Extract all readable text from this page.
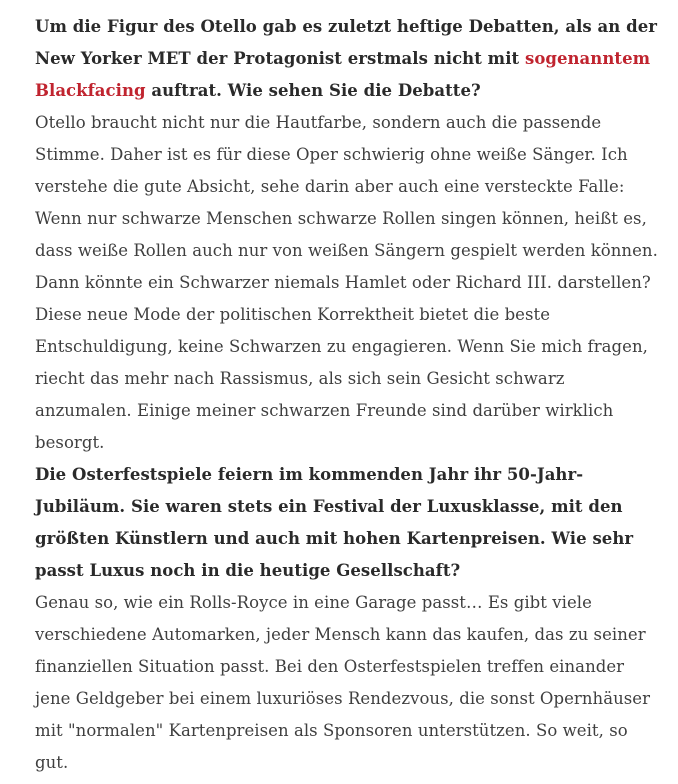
Um die Figur des Otello gab es zuletzt heftige Debatten, als an der New Yorker MET der Protagonist erstmals nicht mit sogenanntem Blackfacing auftrat. Wie sehen Sie die Debatte?

Otello braucht nicht nur die Hautfarbe, sondern auch die passende Stimme. Daher ist es für diese Oper schwierig ohne weiße Sänger. Ich verstehe die gute Absicht, sehe darin aber auch eine versteckte Falle: Wenn nur schwarze Menschen schwarze Rollen singen können, heißt es, dass weiße Rollen auch nur von weißen Sängern gespielt werden können. Dann könnte ein Schwarzer niemals Hamlet oder Richard III. darstellen? Diese neue Mode der politischen Korrektheit bietet die beste Entschuldigung, keine Schwarzen zu engagieren. Wenn Sie mich fragen, riecht das mehr nach Rassismus, als sich sein Gesicht schwarz anzumalen. Einige meiner schwarzen Freunde sind darüber wirklich besorgt.

Die Osterfestspiele feiern im kommenden Jahr ihr 50-Jahr-Jubiläum. Sie waren stets ein Festival der Luxusklasse, mit den größten Künstlern und auch mit hohen Kartenpreisen. Wie sehr passt Luxus noch in die heutige Gesellschaft?

Genau so, wie ein Rolls-Royce in eine Garage passt… Es gibt viele verschiedene Automarken, jeder Mensch kann das kaufen, das zu seiner finanziellen Situation passt. Bei den Osterfestspielen treffen einander jene Geldgeber bei einem luxuriöses Rendezvous, die sonst Opernhäuser mit "normalen" Kartenpreisen als Sponsoren unterstützen. So weit, so gut.
